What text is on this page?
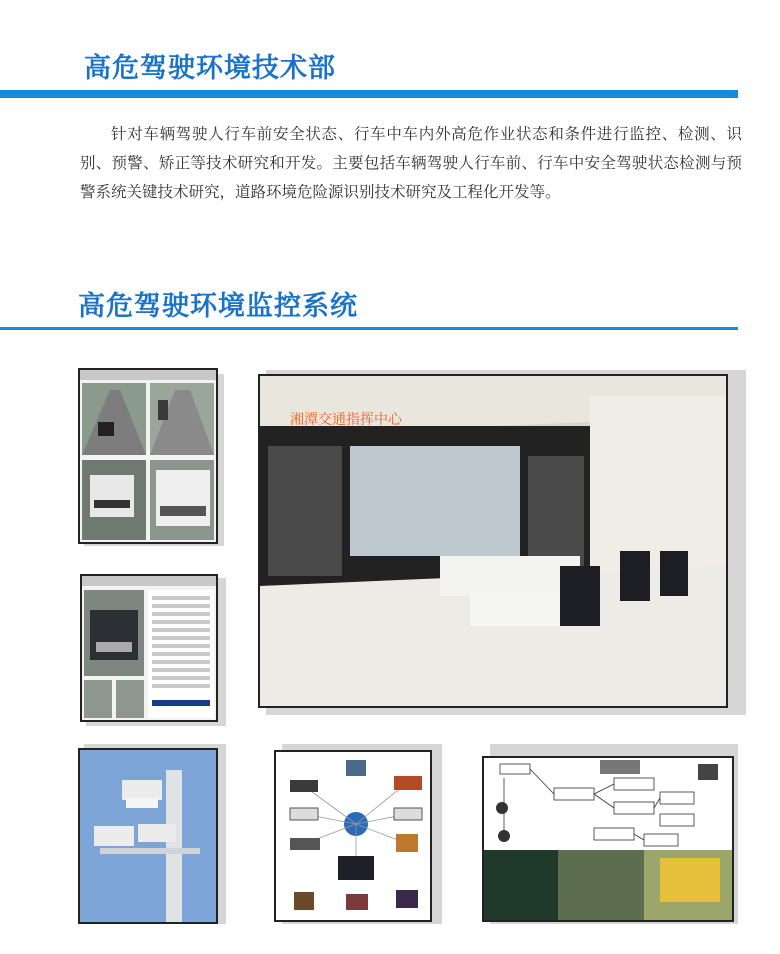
高危驾驶环境技术部
针对车辆驾驶人行车前安全状态、行车中车内外高危作业状态和条件进行监控、检测、识别、预警、矫正等技术研究和开发。主要包括车辆驾驶人行车前、行车中安全驾驶状态检测与预警系统关键技术研究，道路环境危险源识别技术研究及工程化开发等。
高危驾驶环境监控系统
湘潭交通指挥中心
